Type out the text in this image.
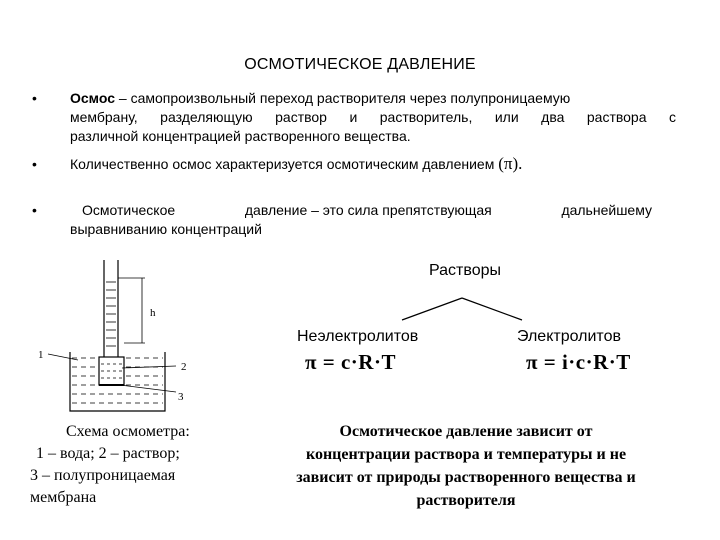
ОСМОТИЧЕСКОЕ ДАВЛЕНИЕ
• Осмос – самопроизвольный переход растворителя через полупроницаемую
мембрану, разделяющую раствор и растворитель, или два раствора с
различной концентрацией растворенного вещества.
• Количественно осмос характеризуется осмотическим давлением (π).
•	Осмотическое	давление – это сила препятствующая	дальнейшему
выравниванию концентраций
h
1
2
3
Растворы
Неэлектролитов	Электролитов
π = c·R·T	π = i·c·R·T
Схема осмометра:
1 – вода; 2 – раствор;
3 – полупроницаемая
мембрана
Осмотическое давление зависит от
концентрации раствора и температуры и не
зависит от природы растворенного вещества и
растворителя
